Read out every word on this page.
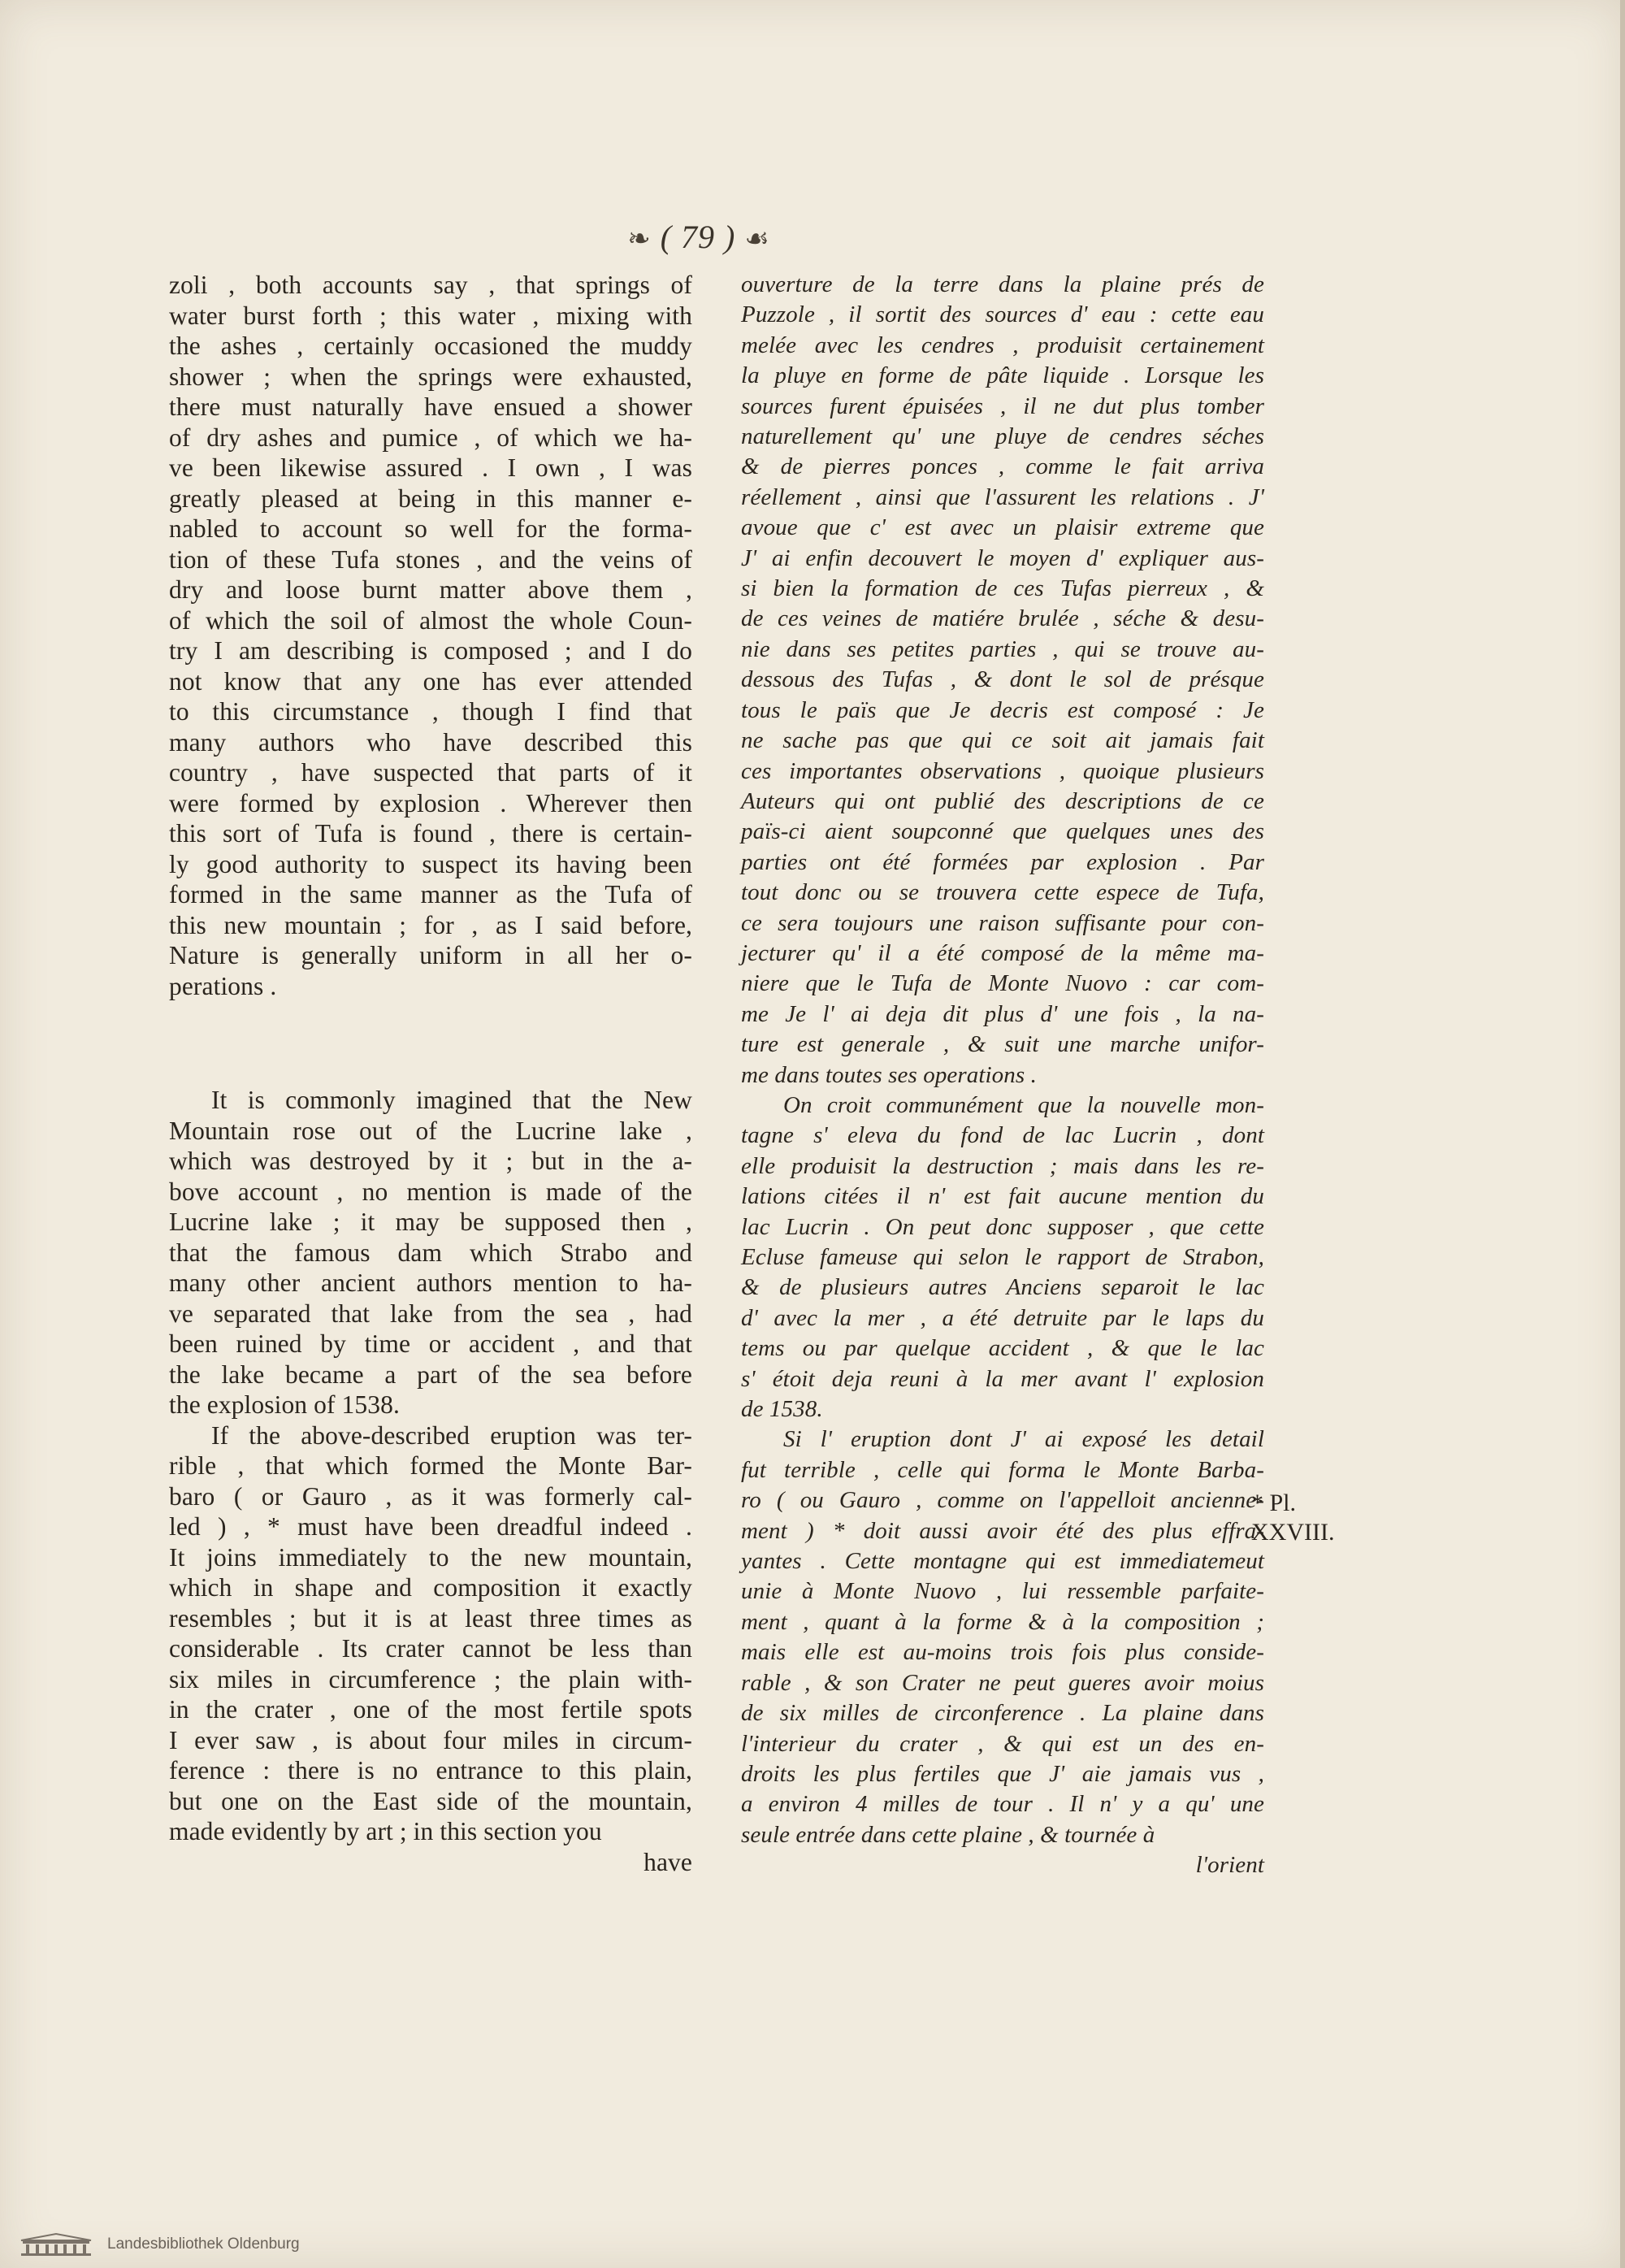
❧ ( 79 ) ☙
zoli , both accounts say , that springs of
water burst forth ; this water , mixing with
the ashes , certainly occasioned the muddy
shower ; when the springs were exhausted,
there must naturally have ensued a shower
of dry ashes and pumice , of which we ha-
ve been likewise assured . I own , I was
greatly pleased at being in this manner e-
nabled to account so well for the forma-
tion of these Tufa stones , and the veins of
dry and loose burnt matter above them ,
of which the soil of almost the whole Coun-
try I am describing is composed ; and I do
not know that any one has ever attended
to this circumstance , though I find that
many authors who have described this
country , have suspected that parts of it
were formed by explosion . Wherever then
this sort of Tufa is found , there is certain-
ly good authority to suspect its having been
formed in the same manner as the Tufa of
this new mountain ; for , as I said before,
Nature is generally uniform in all her o-
perations .
It is commonly imagined that the New
Mountain rose out of the Lucrine lake ,
which was destroyed by it ; but in the a-
bove account , no mention is made of the
Lucrine lake ; it may be supposed then ,
that the famous dam which Strabo and
many other ancient authors mention to ha-
ve separated that lake from the sea , had
been ruined by time or accident , and that
the lake became a part of the sea before
the explosion of 1538.
If the above-described eruption was ter-
rible , that which formed the Monte Bar-
baro ( or Gauro , as it was formerly cal-
led ) , * must have been dreadful indeed .
It joins immediately to the new mountain,
which in shape and composition it exactly
resembles ; but it is at least three times as
considerable . Its crater cannot be less than
six miles in circumference ; the plain with-
in the crater , one of the most fertile spots
I ever saw , is about four miles in circum-
ference : there is no entrance to this plain,
but one on the East side of the mountain,
made evidently by art ; in this section you
have
ouverture de la terre dans la plaine prés de
Puzzole , il sortit des sources d' eau : cette eau
melée avec les cendres , produisit certainement
la pluye en forme de pâte liquide . Lorsque les
sources furent épuisées , il ne dut plus tomber
naturellement qu' une pluye de cendres séches
& de pierres ponces , comme le fait arriva
réellement , ainsi que l'assurent les relations . J'
avoue que c' est avec un plaisir extreme que
J' ai enfin decouvert le moyen d' expliquer aus-
si bien la formation de ces Tufas pierreux , &
de ces veines de matiére brulée , séche & desu-
nie dans ses petites parties , qui se trouve au-
dessous des Tufas , & dont le sol de présque
tous le païs que Je decris est composé : Je
ne sache pas que qui ce soit ait jamais fait
ces importantes observations , quoique plusieurs
Auteurs qui ont publié des descriptions de ce
païs-ci aient soupconné que quelques unes des
parties ont été formées par explosion . Par
tout donc ou se trouvera cette espece de Tufa,
ce sera toujours une raison suffisante pour con-
jecturer qu' il a été composé de la même ma-
niere que le Tufa de Monte Nuovo : car com-
me Je l' ai deja dit plus d' une fois , la na-
ture est generale , & suit une marche unifor-
me dans toutes ses operations .
On croit communément que la nouvelle mon-
tagne s' eleva du fond de lac Lucrin , dont
elle produisit la destruction ; mais dans les re-
lations citées il n' est fait aucune mention du
lac Lucrin . On peut donc supposer , que cette
Ecluse fameuse qui selon le rapport de Strabon,
& de plusieurs autres Anciens separoit le lac
d' avec la mer , a été detruite par le laps du
tems ou par quelque accident , & que le lac
s' étoit deja reuni à la mer avant l' explosion
de 1538.
Si l' eruption dont J' ai exposé les detail
fut terrible , celle qui forma le Monte Barba-
ro ( ou Gauro , comme on l'appelloit ancienne-
ment ) * doit aussi avoir été des plus effra-
yantes . Cette montagne qui est immediatemeut
unie à Monte Nuovo , lui ressemble parfaite-
ment , quant à la forme & à la composition ;
mais elle est au-moins trois fois plus conside-
rable , & son Crater ne peut gueres avoir moius
de six milles de circonference . La plaine dans
l'interieur du crater , & qui est un des en-
droits les plus fertiles que J' aie jamais vus ,
a environ 4 milles de tour . Il n' y a qu' une
seule entrée dans cette plaine , & tournée à
l'orient
* Pl.
XXVIII.
Landesbibliothek Oldenburg
